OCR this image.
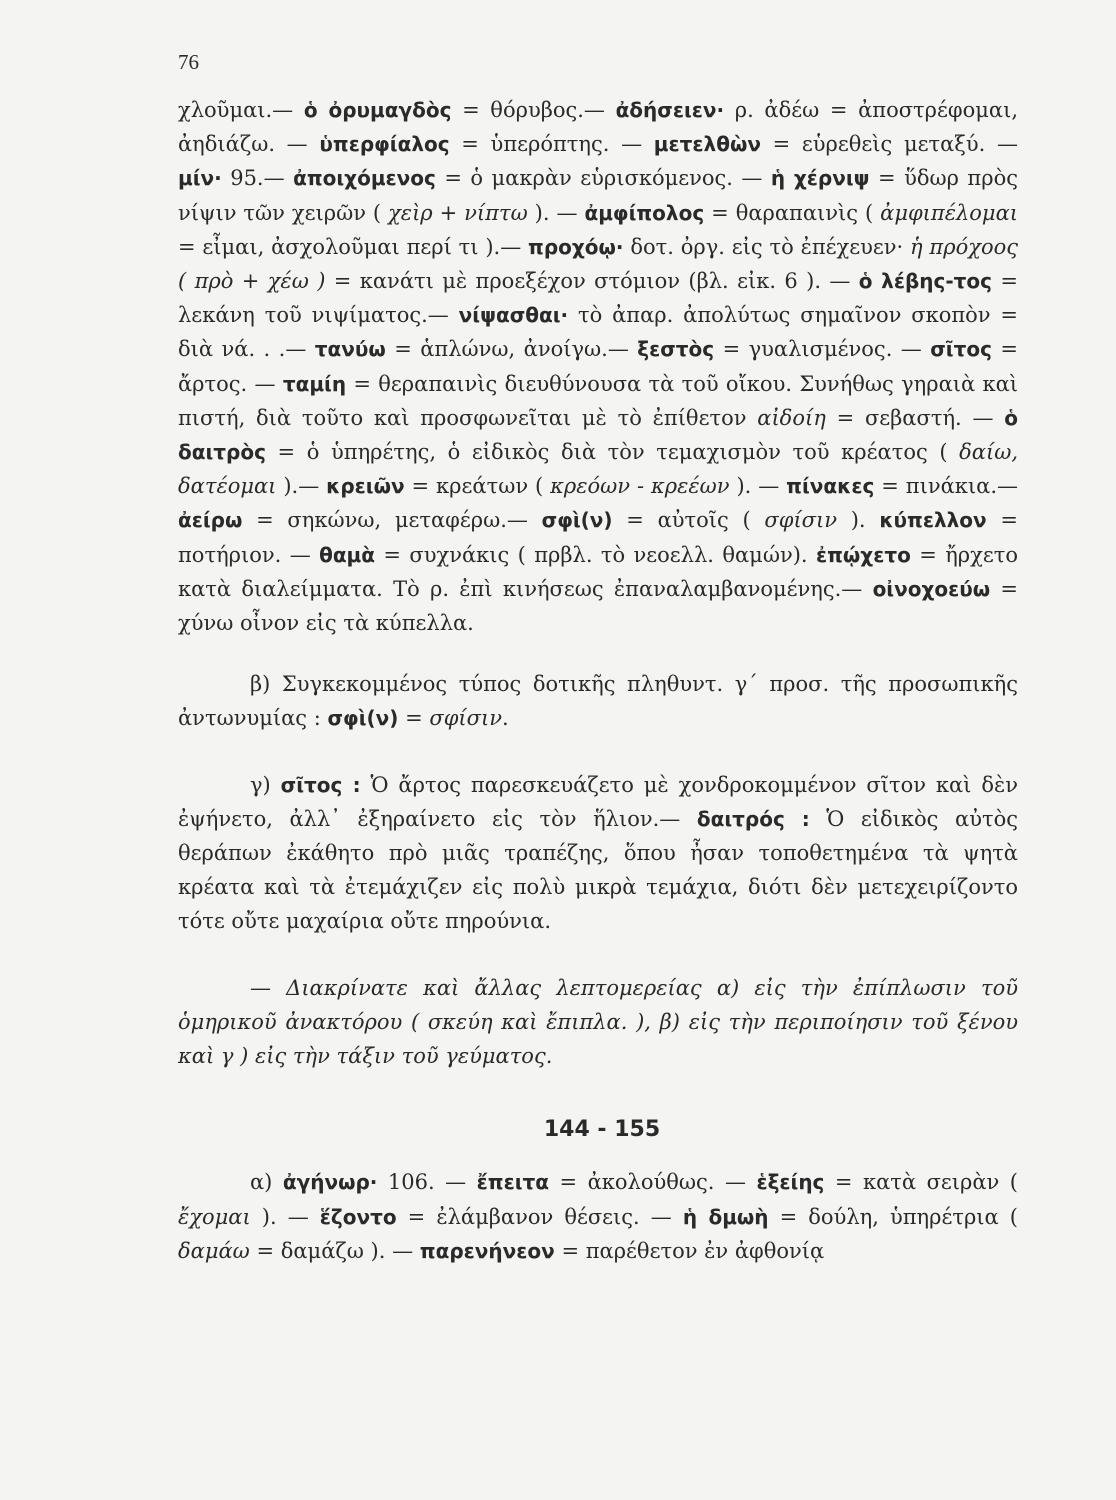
76

χλοῦμαι.— ὁ ὀρυμαγδὸς = θόρυβος.— ἀδήσειεν· ρ. ἀδέω = ἀποστρέφομαι, ἀηδιάζω. — ὑπερφίαλος = ὑπερόπτης. — μετελθὼν = εὑρεθεὶς μεταξύ. — μίν· 95.— ἀποιχόμενος = ὁ μακρὰν εὑρισκόμενος. — ἡ χέρνιψ = ὕδωρ πρὸς νίψιν τῶν χειρῶν ( χεὶρ + νίπτω ). — ἀμφίπολος = θαραπαινὶς ( ἀμφιπέλομαι = εἶμαι, ἀσχολοῦμαι περί τι ).— προχόῳ· δοτ. ὀργ. εἰς τὸ ἐπέχευεν· ἡ πρόχοος ( πρὸ + χέω ) = κανάτι μὲ προεξέχον στόμιον (βλ. εἰκ. 6 ). — ὁ λέβης-τος = λεκάνη τοῦ νιψίματος.— νίψασθαι· τὸ ἀπαρ. ἀπολύτως σημαῖνον σκοπὸν = διὰ νά. . .— τανύω = ἁπλώνω, ἀνοίγω.— ξεστὸς = γυαλισμένος. — σῖτος = ἄρτος. — ταμίη = θεραπαινὶς διευθύνουσα τὰ τοῦ οἴκου. Συνήθως γηραιὰ καὶ πιστή, διὰ τοῦτο καὶ προσφωνεῖται μὲ τὸ ἐπίθετον αἰδοίη = σεβαστή. — ὁ δαιτρὸς = ὁ ὑπηρέτης, ὁ εἰδικὸς διὰ τὸν τεμαχισμὸν τοῦ κρέατος ( δαίω, δατέομαι ).— κρειῶν = κρεάτων ( κρεόων - κρεέων ). — πίνακες = πινάκια.— ἀείρω = σηκώνω, μεταφέρω.— σφὶ(ν) = αὐτοῖς ( σφίσιν ). κύπελλον = ποτήριον. — θαμὰ = συχνάκις ( πρβλ. τὸ νεοελλ. θαμών). ἐπῴχετο = ἤρχετο κατὰ διαλείμματα. Τὸ ρ. ἐπὶ κινήσεως ἐπαναλαμβανομένης.— οἰνοχοεύω = χύνω οἶνον εἰς τὰ κύπελλα.

β) Συγκεκομμένος τύπος δοτικῆς πληθυντ. γ΄ προσ. τῆς προσωπικῆς ἀντωνυμίας : σφὶ(ν) = σφίσιν.

γ) σῖτος : Ὁ ἄρτος παρεσκευάζετο μὲ χονδροκομμένον σῖτον καὶ δὲν ἐψήνετο, ἀλλ᾽ ἐξηραίνετο εἰς τὸν ἥλιον.— δαιτρός : Ὁ εἰδικὸς αὐτὸς θεράπων ἐκάθητο πρὸ μιᾶς τραπέζης, ὅπου ἦσαν τοποθετημένα τὰ ψητὰ κρέατα καὶ τὰ ἐτεμάχιζεν εἰς πολὺ μικρὰ τεμάχια, διότι δὲν μετεχειρίζοντο τότε οὔτε μαχαίρια οὔτε πηρούνια.

— Διακρίνατε καὶ ἄλλας λεπτομερείας α) εἰς τὴν ἐπίπλωσιν τοῦ ὁμηρικοῦ ἀνακτόρου ( σκεύη καὶ ἔπιπλα. ), β) εἰς τὴν περιποίησιν τοῦ ξένου καὶ γ ) εἰς τὴν τάξιν τοῦ γεύματος.

144 - 155

α) ἀγήνωρ· 106. — ἔπειτα = ἀκολούθως. — ἑξείης = κατὰ σειρὰν ( ἔχομαι ). — ἕζοντο = ἐλάμβανον θέσεις. — ἡ δμωὴ = δούλη, ὑπηρέτρια ( δαμάω = δαμάζω ). — παρενήνεον = παρέθετον ἐν ἀφθονίᾳ
